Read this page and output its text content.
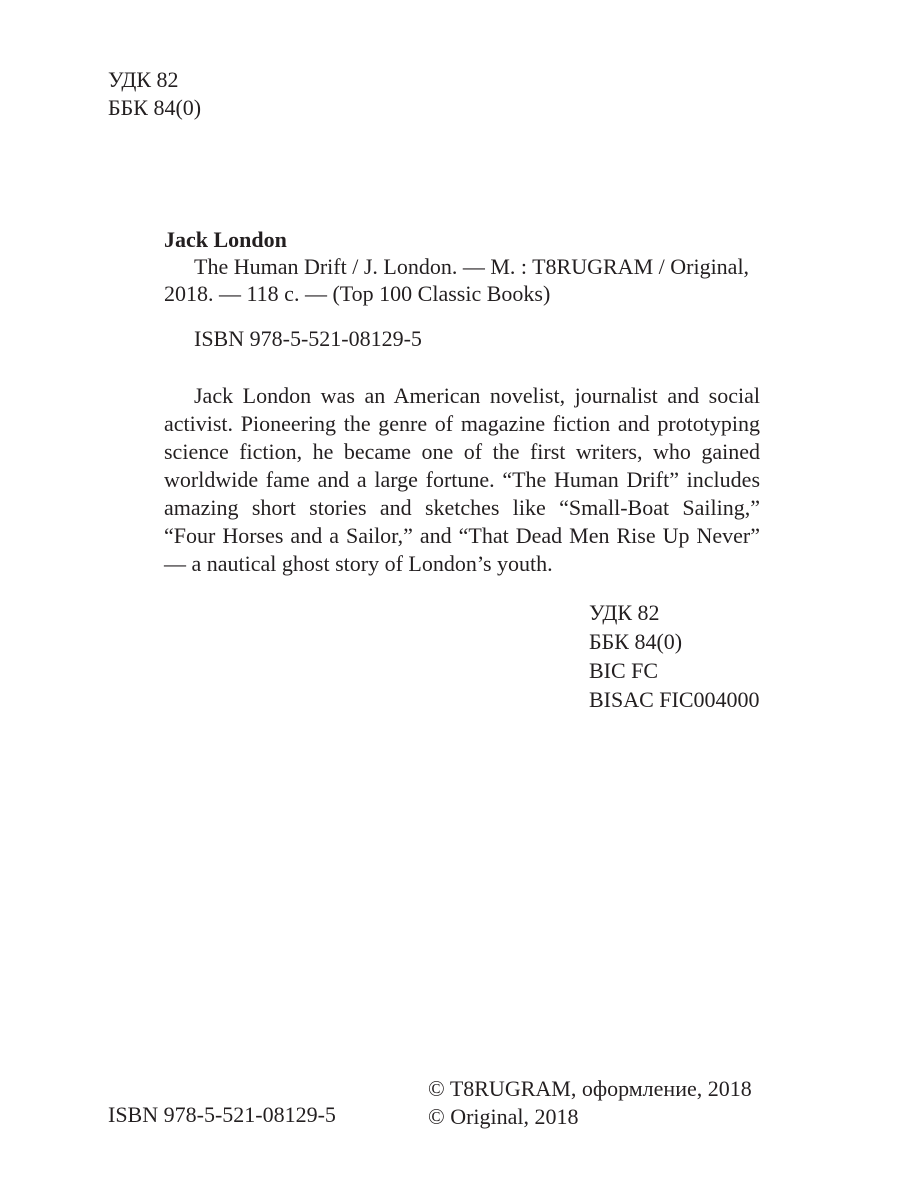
УДК 82
ББК 84(0)
Jack London
The Human Drift / J. London. — M. : T8RUGRAM / Original,
2018. — 118 c. — (Top 100 Classic Books)
ISBN 978-5-521-08129-5

Jack London was an American novelist, journalist and social activist. Pioneering the genre of magazine fiction and prototyping science fiction, he became one of the first writers, who gained worldwide fame and a large fortune. “The Human Drift” includes amazing short stories and sketches like “Small-Boat Sailing,” “Four Horses and a Sailor,” and “That Dead Men Rise Up Never” — a nautical ghost story of London’s youth.

УДК 82
ББК 84(0)
BIC FC
BISAC FIC004000
ISBN 978-5-521-08129-5
© T8RUGRAM, оформление, 2018
© Original, 2018
